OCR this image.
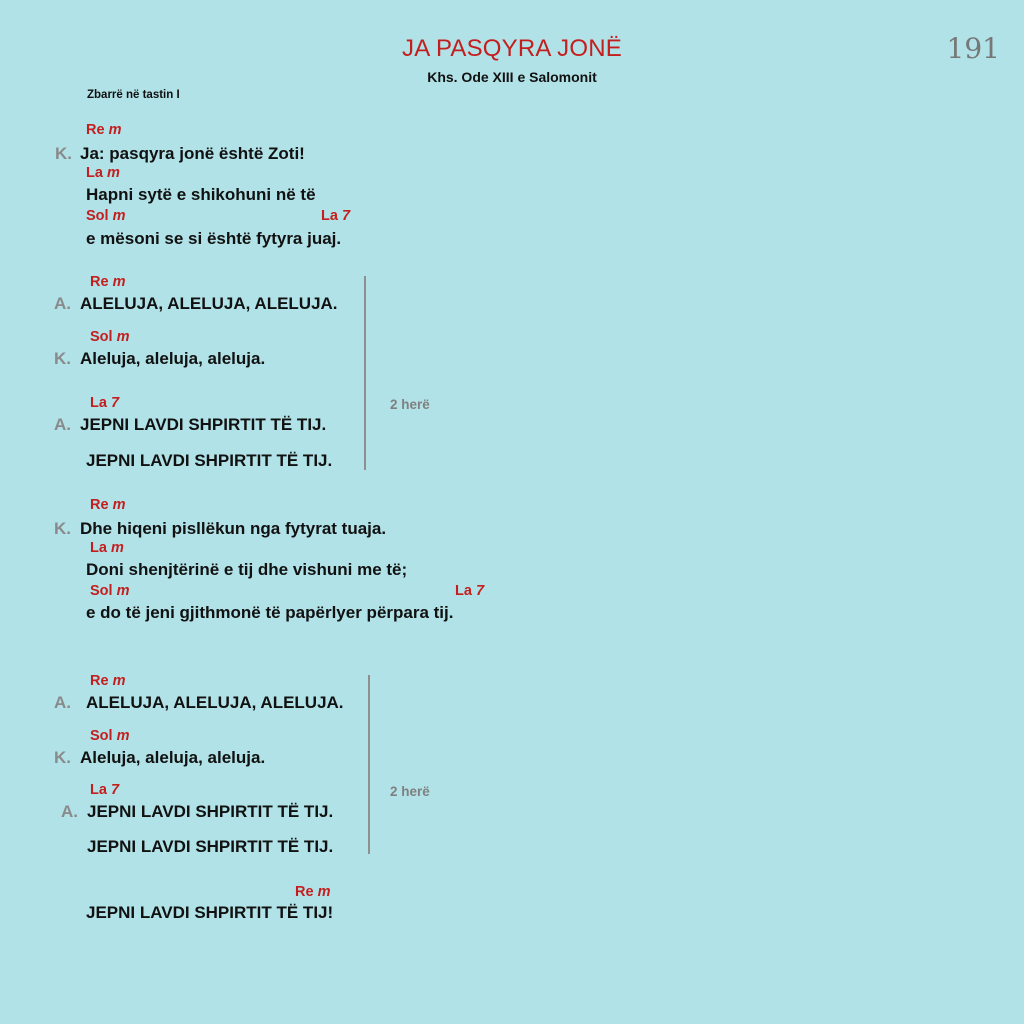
JA PASQYRA JONË
Khs. Ode XIII e Salomonit
191
Zbarrë në tastin I
Re m
K. Ja: pasqyra jonë është Zoti!
La m
Hapni sytë e shikohuni në të
Sol m	La 7
e mësoni se si është fytyra juaj.
Re m
A. ALELUJA, ALELUJA, ALELUJA.
Sol m
K. Aleluja, aleluja, aleluja.
La 7
A. JEPNI LAVDI SHPIRTIT TË TIJ.
JEPNI LAVDI SHPIRTIT TË TIJ.
2 herë
Re m
K. Dhe hiqeni pisllëkun nga fytyrat tuaja.
La m
Doni shenjtërinë e tij dhe vishuni me të;
Sol m	La 7
e do të jeni gjithmonë të papërlyer përpara tij.
Re m
A. ALELUJA, ALELUJA, ALELUJA.
Sol m
K. Aleluja, aleluja, aleluja.
La 7
A. JEPNI LAVDI SHPIRTIT TË TIJ.
JEPNI LAVDI SHPIRTIT TË TIJ.
2 herë
Re m
JEPNI LAVDI SHPIRTIT TË TIJ!
